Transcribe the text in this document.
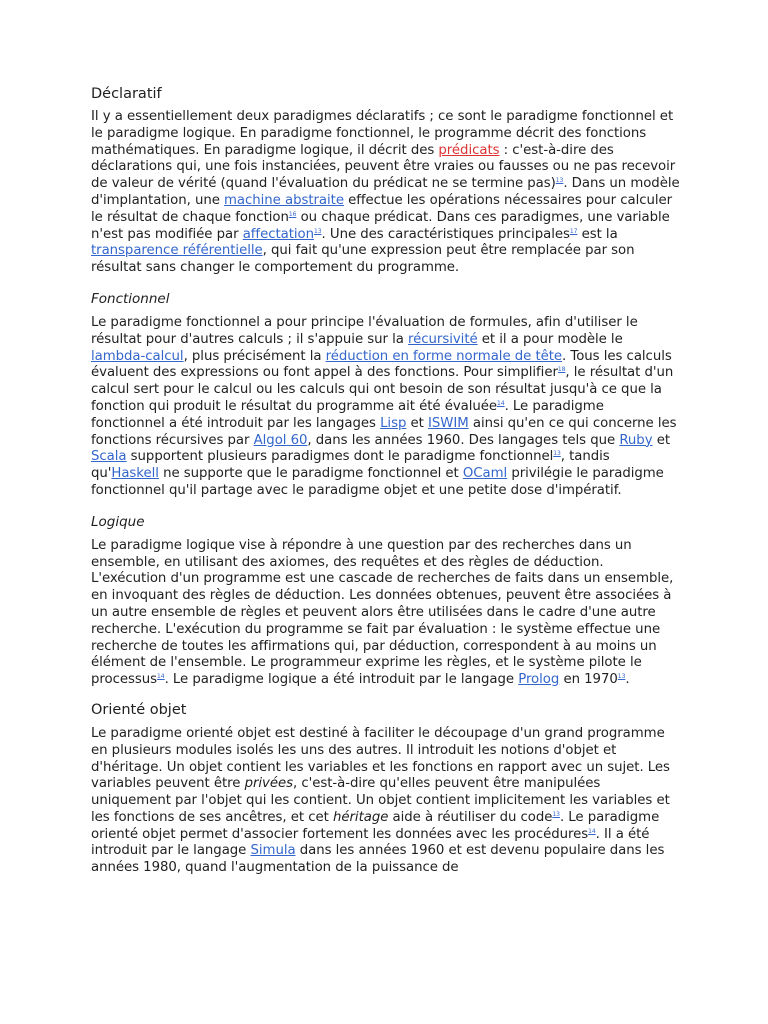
Déclaratif

Il y a essentiellement deux paradigmes déclaratifs ; ce sont le paradigme fonctionnel et le paradigme logique. En paradigme fonctionnel, le programme décrit des fonctions mathématiques. En paradigme logique, il décrit des prédicats : c'est-à-dire des déclarations qui, une fois instanciées, peuvent être vraies ou fausses ou ne pas recevoir de valeur de vérité (quand l'évaluation du prédicat ne se termine pas)$^{13}$. Dans un modèle d'implantation, une machine abstraite effectue les opérations nécessaires pour calculer le résultat de chaque fonction$^{16}$ ou chaque prédicat. Dans ces paradigmes, une variable n'est pas modifiée par affectation$^{13}$. Une des caractéristiques principales$^{17}$ est la transparence référentielle, qui fait qu'une expression peut être remplacée par son résultat sans changer le comportement du programme.

Fonctionnel

Le paradigme fonctionnel a pour principe l'évaluation de formules, afin d'utiliser le résultat pour d'autres calculs ; il s'appuie sur la récursivité et il a pour modèle le lambda-calcul, plus précisément la réduction en forme normale de tête. Tous les calculs évaluent des expressions ou font appel à des fonctions. Pour simplifier$^{18}$, le résultat d'un calcul sert pour le calcul ou les calculs qui ont besoin de son résultat jusqu'à ce que la fonction qui produit le résultat du programme ait été évaluée$^{14}$. Le paradigme fonctionnel a été introduit par les langages Lisp et ISWIM ainsi qu'en ce qui concerne les fonctions récursives par Algol 60, dans les années 1960. Des langages tels que Ruby et Scala supportent plusieurs paradigmes dont le paradigme fonctionnel$^{13}$, tandis qu'Haskell ne supporte que le paradigme fonctionnel et OCaml privilégie le paradigme fonctionnel qu'il partage avec le paradigme objet et une petite dose d'impératif.

Logique

Le paradigme logique vise à répondre à une question par des recherches dans un ensemble, en utilisant des axiomes, des requêtes et des règles de déduction. L'exécution d'un programme est une cascade de recherches de faits dans un ensemble, en invoquant des règles de déduction. Les données obtenues, peuvent être associées à un autre ensemble de règles et peuvent alors être utilisées dans le cadre d'une autre recherche. L'exécution du programme se fait par évaluation : le système effectue une recherche de toutes les affirmations qui, par déduction, correspondent à au moins un élément de l'ensemble. Le programmeur exprime les règles, et le système pilote le processus$^{14}$. Le paradigme logique a été introduit par le langage Prolog en 1970$^{13}$.

Orienté objet

Le paradigme orienté objet est destiné à faciliter le découpage d'un grand programme en plusieurs modules isolés les uns des autres. Il introduit les notions d'objet et d'héritage. Un objet contient les variables et les fonctions en rapport avec un sujet. Les variables peuvent être privées, c'est-à-dire qu'elles peuvent être manipulées uniquement par l'objet qui les contient. Un objet contient implicitement les variables et les fonctions de ses ancêtres, et cet héritage aide à réutiliser du code$^{13}$. Le paradigme orienté objet permet d'associer fortement les données avec les procédures$^{14}$. Il a été introduit par le langage Simula dans les années 1960 et est devenu populaire dans les années 1980, quand l'augmentation de la puissance de
